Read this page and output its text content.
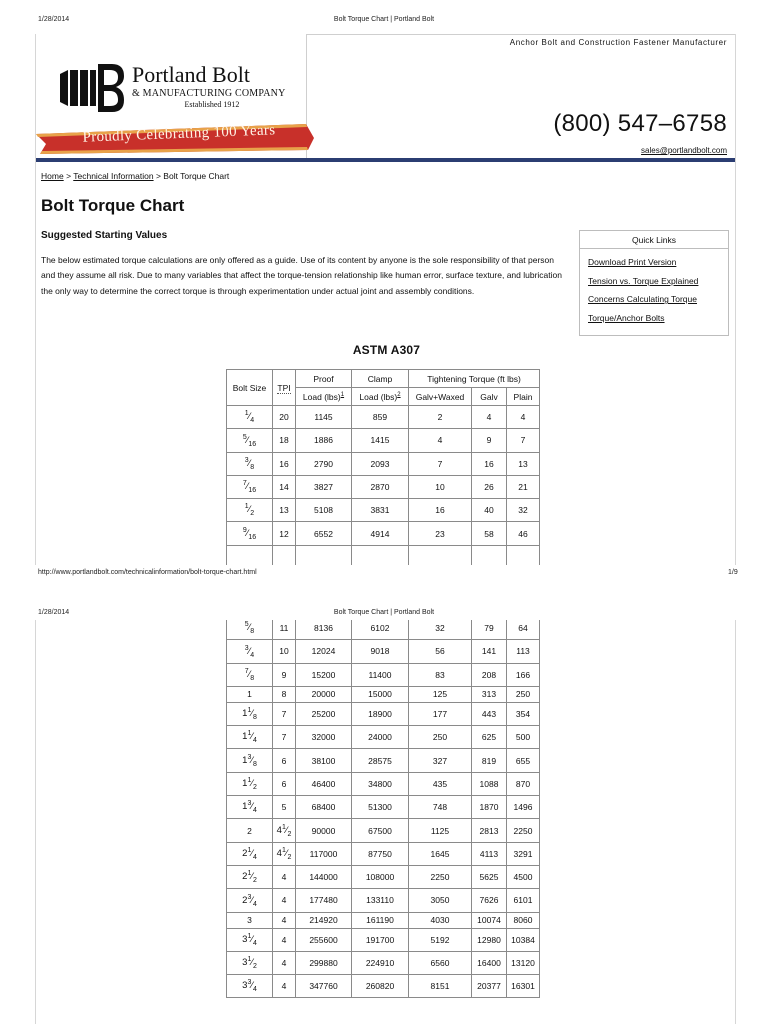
1/28/2014	Bolt Torque Chart | Portland Bolt
Portland Bolt
& MANUFACTURING COMPANY
Established 1912
Proudly Celebrating 100 Years
Anchor Bolt and Construction Fastener Manufacturer
(800) 547–6758
sales@portlandbolt.com
Home > Technical Information > Bolt Torque Chart
Bolt Torque Chart
Suggested Starting Values
The below estimated torque calculations are only offered as a guide. Use of its content by anyone is the sole responsibility of that person and they assume all risk. Due to many variables that affect the torque-tension relationship like human error, surface texture, and lubrication the only way to determine the correct torque is through experimentation under actual joint and assembly conditions.
Quick Links
Download Print Version
Tension vs. Torque Explained
Concerns Calculating Torque
Torque/Anchor Bolts
ASTM A307
Bolt Size	TPI	Proof	Clamp	Tightening Torque (ft lbs)		
		Load (lbs)$^1$	Load (lbs)$^2$	Galv+Waxed	Galv	Plain
$^1⁄_4$	20	1145	859	2	4	4
$^5⁄_{16}$	18	1886	1415	4	9	7
$^3⁄_8$	16	2790	2093	7	16	13
$^7⁄_{16}$	14	3827	2870	10	26	21
$^1⁄_2$	13	5108	3831	16	40	32
$^9⁄_{16}$	12	6552	4914	23	58	46

http://www.portlandbolt.com/technicalinformation/bolt-torque-chart.html	1/9
1/28/2014	Bolt Torque Chart | Portland Bolt
$^5⁄_8$	11	8136	6102	32	79	64
$^3⁄_4$	10	12024	9018	56	141	113
$^7⁄_8$	9	15200	11400	83	208	166
1	8	20000	15000	125	313	250
$1^1⁄_8$	7	25200	18900	177	443	354
$1^1⁄_4$	7	32000	24000	250	625	500
$1^3⁄_8$	6	38100	28575	327	819	655
$1^1⁄_2$	6	46400	34800	435	1088	870
$1^3⁄_4$	5	68400	51300	748	1870	1496
2	$4^1⁄_2$	90000	67500	1125	2813	2250
$2^1⁄_4$	$4^1⁄_2$	117000	87750	1645	4113	3291
$2^1⁄_2$	4	144000	108000	2250	5625	4500
$2^3⁄_4$	4	177480	133110	3050	7626	6101
3	4	214920	161190	4030	10074	8060
$3^1⁄_4$	4	255600	191700	5192	12980	10384
$3^1⁄_2$	4	299880	224910	6560	16400	13120
$3^3⁄_4$	4	347760	260820	8151	20377	16301
